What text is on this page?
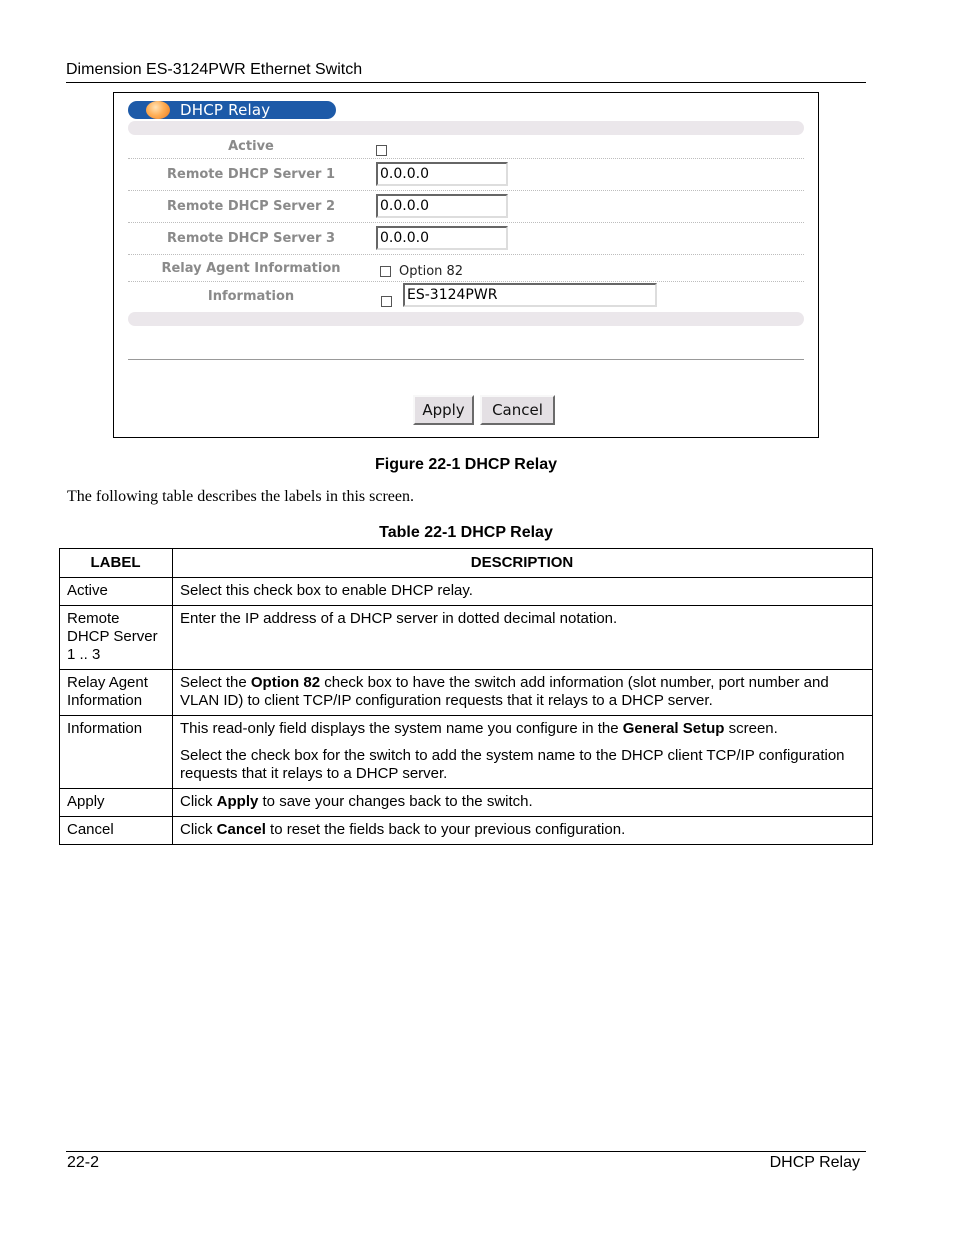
Dimension ES-3124PWR Ethernet Switch
DHCP Relay
Active
Remote DHCP Server 1	0.0.0.0
Remote DHCP Server 2	0.0.0.0
Remote DHCP Server 3	0.0.0.0
Relay Agent Information	Option 82
Information	ES-3124PWR
Apply	Cancel
Figure 22-1 DHCP Relay
The following table describes the labels in this screen.
Table 22-1 DHCP Relay
LABEL	DESCRIPTION
Active	Select this check box to enable DHCP relay.
Remote DHCP Server 1 .. 3	Enter the IP address of a DHCP server in dotted decimal notation.
Relay Agent Information	Select the Option 82 check box to have the switch add information (slot number, port number and VLAN ID) to client TCP/IP configuration requests that it relays to a DHCP server.
Information	This read-only field displays the system name you configure in the General Setup screen.

Select the check box for the switch to add the system name to the DHCP client TCP/IP configuration requests that it relays to a DHCP server.

Apply	Click Apply to save your changes back to the switch.
Cancel	Click Cancel to reset the fields back to your previous configuration.
22-2	DHCP Relay
